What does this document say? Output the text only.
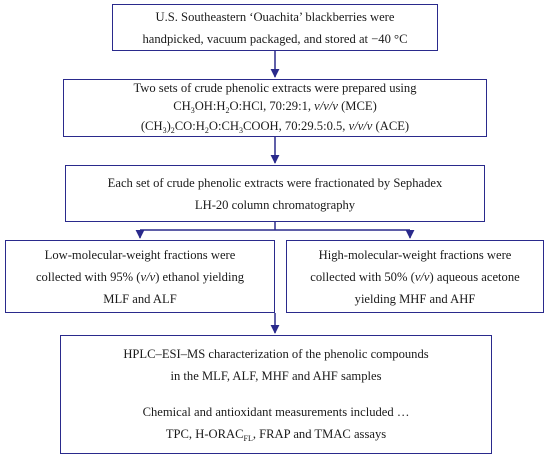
U.S. Southeastern ‘Ouachita’ blackberries were
handpicked, vacuum packaged, and stored at −40 °C
Two sets of crude phenolic extracts were prepared using
$CH_3OH:H_2O:HCl$, 70:29:1, v/v/v (MCE)
$(CH_3)_2CO:H_2O:CH_3COOH$, 70:29.5:0.5, v/v/v (ACE)
Each set of crude phenolic extracts were fractionated by Sephadex
LH-20 column chromatography
Low-molecular-weight fractions were
collected with 95% (v/v) ethanol yielding
MLF and ALF
High-molecular-weight fractions were
collected with 50% (v/v) aqueous acetone
yielding MHF and AHF
HPLC–ESI–MS characterization of the phenolic compounds
in the MLF, ALF, MHF and AHF samples
Chemical and antioxidant measurements included …
TPC, $H-ORAC_{FL}$, FRAP and TMAC assays
